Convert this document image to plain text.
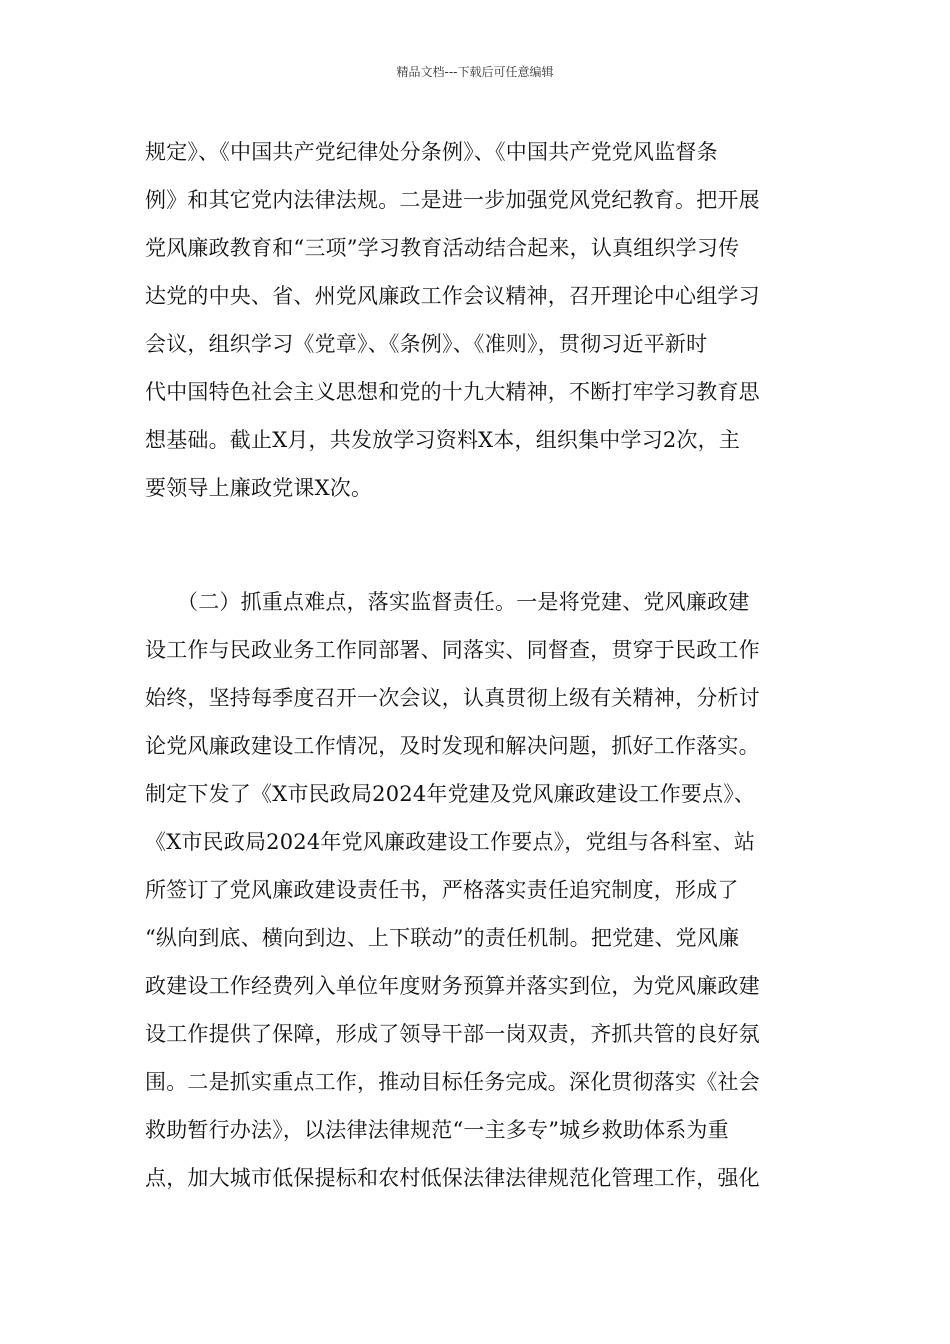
精品文档---下载后可任意编辑
规定》、《中国共产党纪律处分条例》、《中国共产党党风监督条
例》和其它党内法律法规。二是进一步加强党风党纪教育。把开展
党风廉政教育和“三项”学习教育活动结合起来，认真组织学习传
达党的中央、省、州党风廉政工作会议精神，召开理论中心组学习
会议，组织学习《党章》、《条例》、《准则》，贯彻习近平新时
代中国特色社会主义思想和党的十九大精神，不断打牢学习教育思
想基础。截止X月，共发放学习资料X本，组织集中学习2次，主
要领导上廉政党课X次。
（二）抓重点难点，落实监督责任。一是将党建、党风廉政建
设工作与民政业务工作同部署、同落实、同督查，贯穿于民政工作
始终，坚持每季度召开一次会议，认真贯彻上级有关精神，分析讨
论党风廉政建设工作情况，及时发现和解决问题，抓好工作落实。
制定下发了《X市民政局2024年党建及党风廉政建设工作要点》、
《X市民政局2024年党风廉政建设工作要点》，党组与各科室、站
所签订了党风廉政建设责任书，严格落实责任追究制度，形成了
“纵向到底、横向到边、上下联动”的责任机制。把党建、党风廉
政建设工作经费列入单位年度财务预算并落实到位，为党风廉政建
设工作提供了保障，形成了领导干部一岗双责，齐抓共管的良好氛
围。二是抓实重点工作，推动目标任务完成。深化贯彻落实《社会
救助暂行办法》，以法律法律规范“一主多专”城乡救助体系为重
点，加大城市低保提标和农村低保法律法律规范化管理工作，强化
